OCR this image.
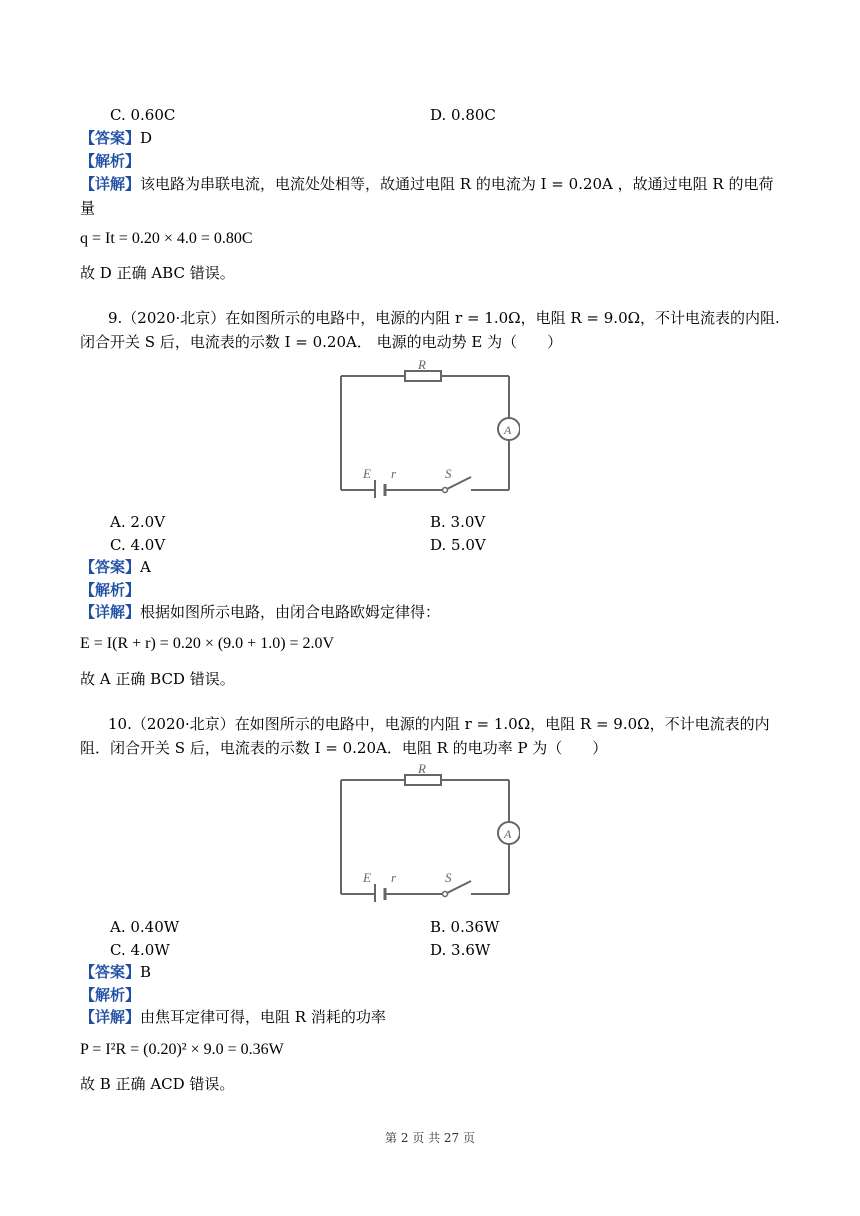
C. 0.60C	D. 0.80C
【答案】D
【解析】
【详解】该电路为串联电流，电流处处相等，故通过电阻 R 的电流为 I = 0.20A ，故通过电阻 R 的电荷量
q = It = 0.20 × 4.0 = 0.80C
故 D 正确 ABC 错误。
9.（2020·北京）在如图所示的电路中，电源的内阻 r = 1.0Ω，电阻 R = 9.0Ω，不计电流表的内阻. 闭合开关 S 后，电流表的示数 I = 0.20A． 电源的电动势 E 为（　　）
R
A
E r	S
A. 2.0V	B. 3.0V
C. 4.0V	D. 5.0V
【答案】A
【解析】
【详解】根据如图所示电路，由闭合电路欧姆定律得：
E = I(R + r) = 0.20 × (9.0 + 1.0) = 2.0V
故 A 正确 BCD 错误。
10.（2020·北京）在如图所示的电路中，电源的内阻 r = 1.0Ω，电阻 R = 9.0Ω，不计电流表的内阻．闭合开关 S 后，电流表的示数 I = 0.20A．电阻 R 的电功率 P 为（　　）
R
A
E r	S
A. 0.40W	B. 0.36W
C. 4.0W	D. 3.6W
【答案】B
【解析】
【详解】由焦耳定律可得，电阻 R 消耗的功率
P = I²R = (0.20)² × 9.0 = 0.36W
故 B 正确 ACD 错误。
第 2 页 共 27 页
